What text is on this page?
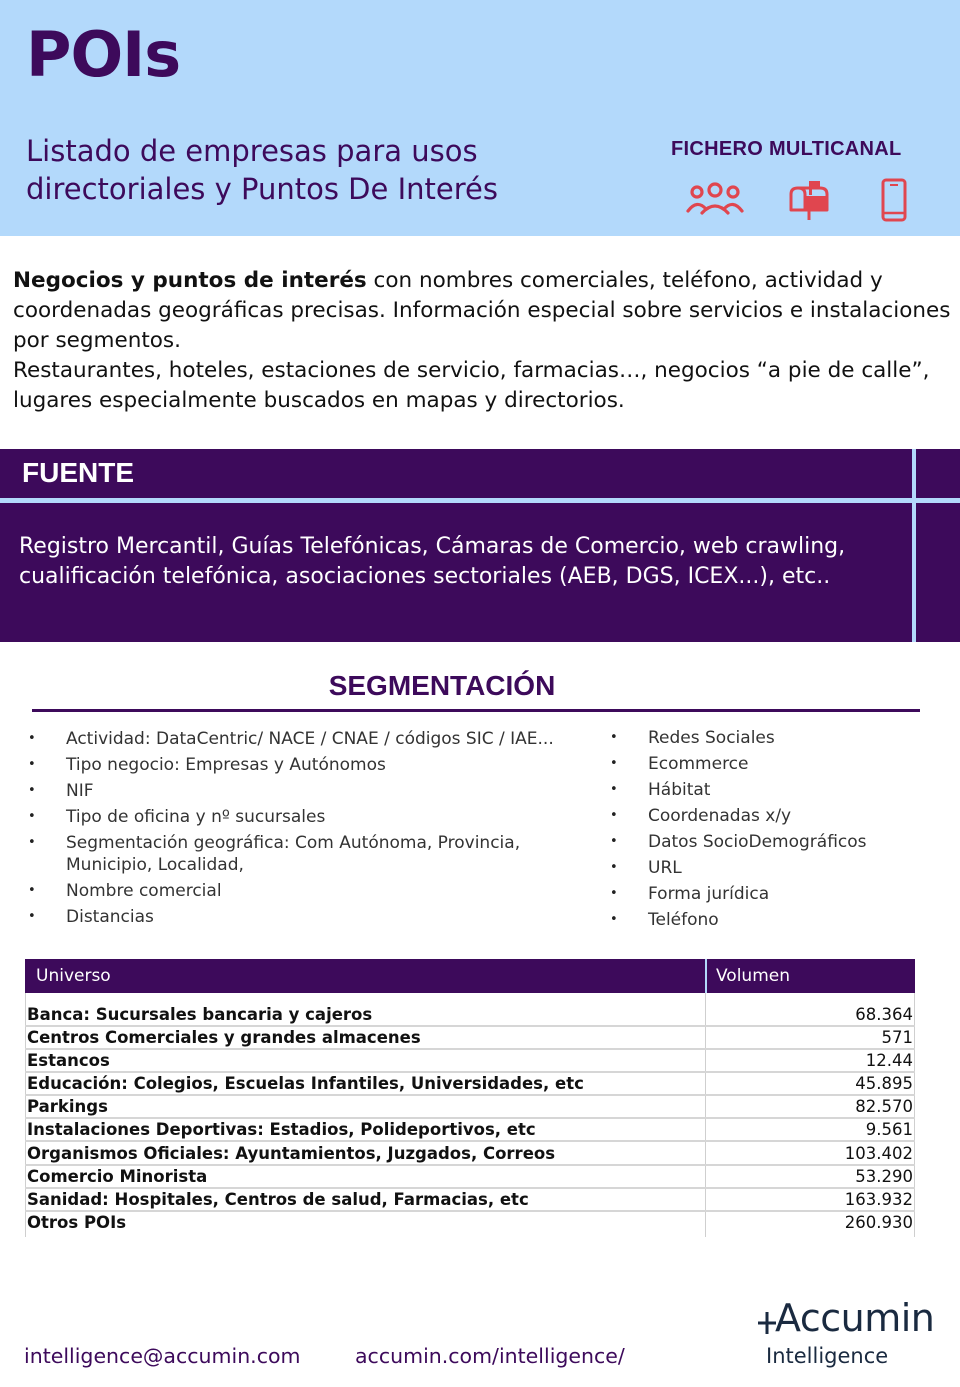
POIs
Listado de empresas para usos
directoriales y Puntos De Interés
FICHERO MULTICANAL
Negocios y puntos de interés con nombres comerciales, teléfono, actividad y coordenadas geográficas precisas. Información especial sobre servicios e instalaciones por segmentos.
Restaurantes, hoteles, estaciones de servicio, farmacias…, negocios “a pie de calle”, lugares especialmente buscados en mapas y directorios.
FUENTE
Registro Mercantil, Guías Telefónicas, Cámaras de Comercio, web crawling, cualificación telefónica, asociaciones sectoriales (AEB, DGS, ICEX...), etc..
SEGMENTACIÓN
• Actividad: DataCentric/ NACE / CNAE / códigos SIC / IAE...
• Tipo negocio: Empresas y Autónomos
• NIF
• Tipo de oficina y nº sucursales
• Segmentación geográfica: Com Autónoma, Provincia, Municipio, Localidad,
• Nombre comercial
• Distancias
• Redes Sociales
• Ecommerce
• Hábitat
• Coordenadas x/y
• Datos SocioDemográficos
• URL
• Forma jurídica
• Teléfono
Universo	Volumen
Banca: Sucursales bancaria y cajeros	68.364
Centros Comerciales y grandes almacenes	571
Estancos	12.44
Educación: Colegios, Escuelas Infantiles, Universidades, etc	45.895
Parkings	82.570
Instalaciones Deportivas: Estadios, Polideportivos, etc	9.561
Organismos Oficiales: Ayuntamientos, Juzgados, Correos	103.402
Comercio Minorista	53.290
Sanidad: Hospitales, Centros de salud, Farmacias, etc	163.932
Otros POIs	260.930
intelligence@accumin.com	accumin.com/intelligence/
Accumin
Intelligence
